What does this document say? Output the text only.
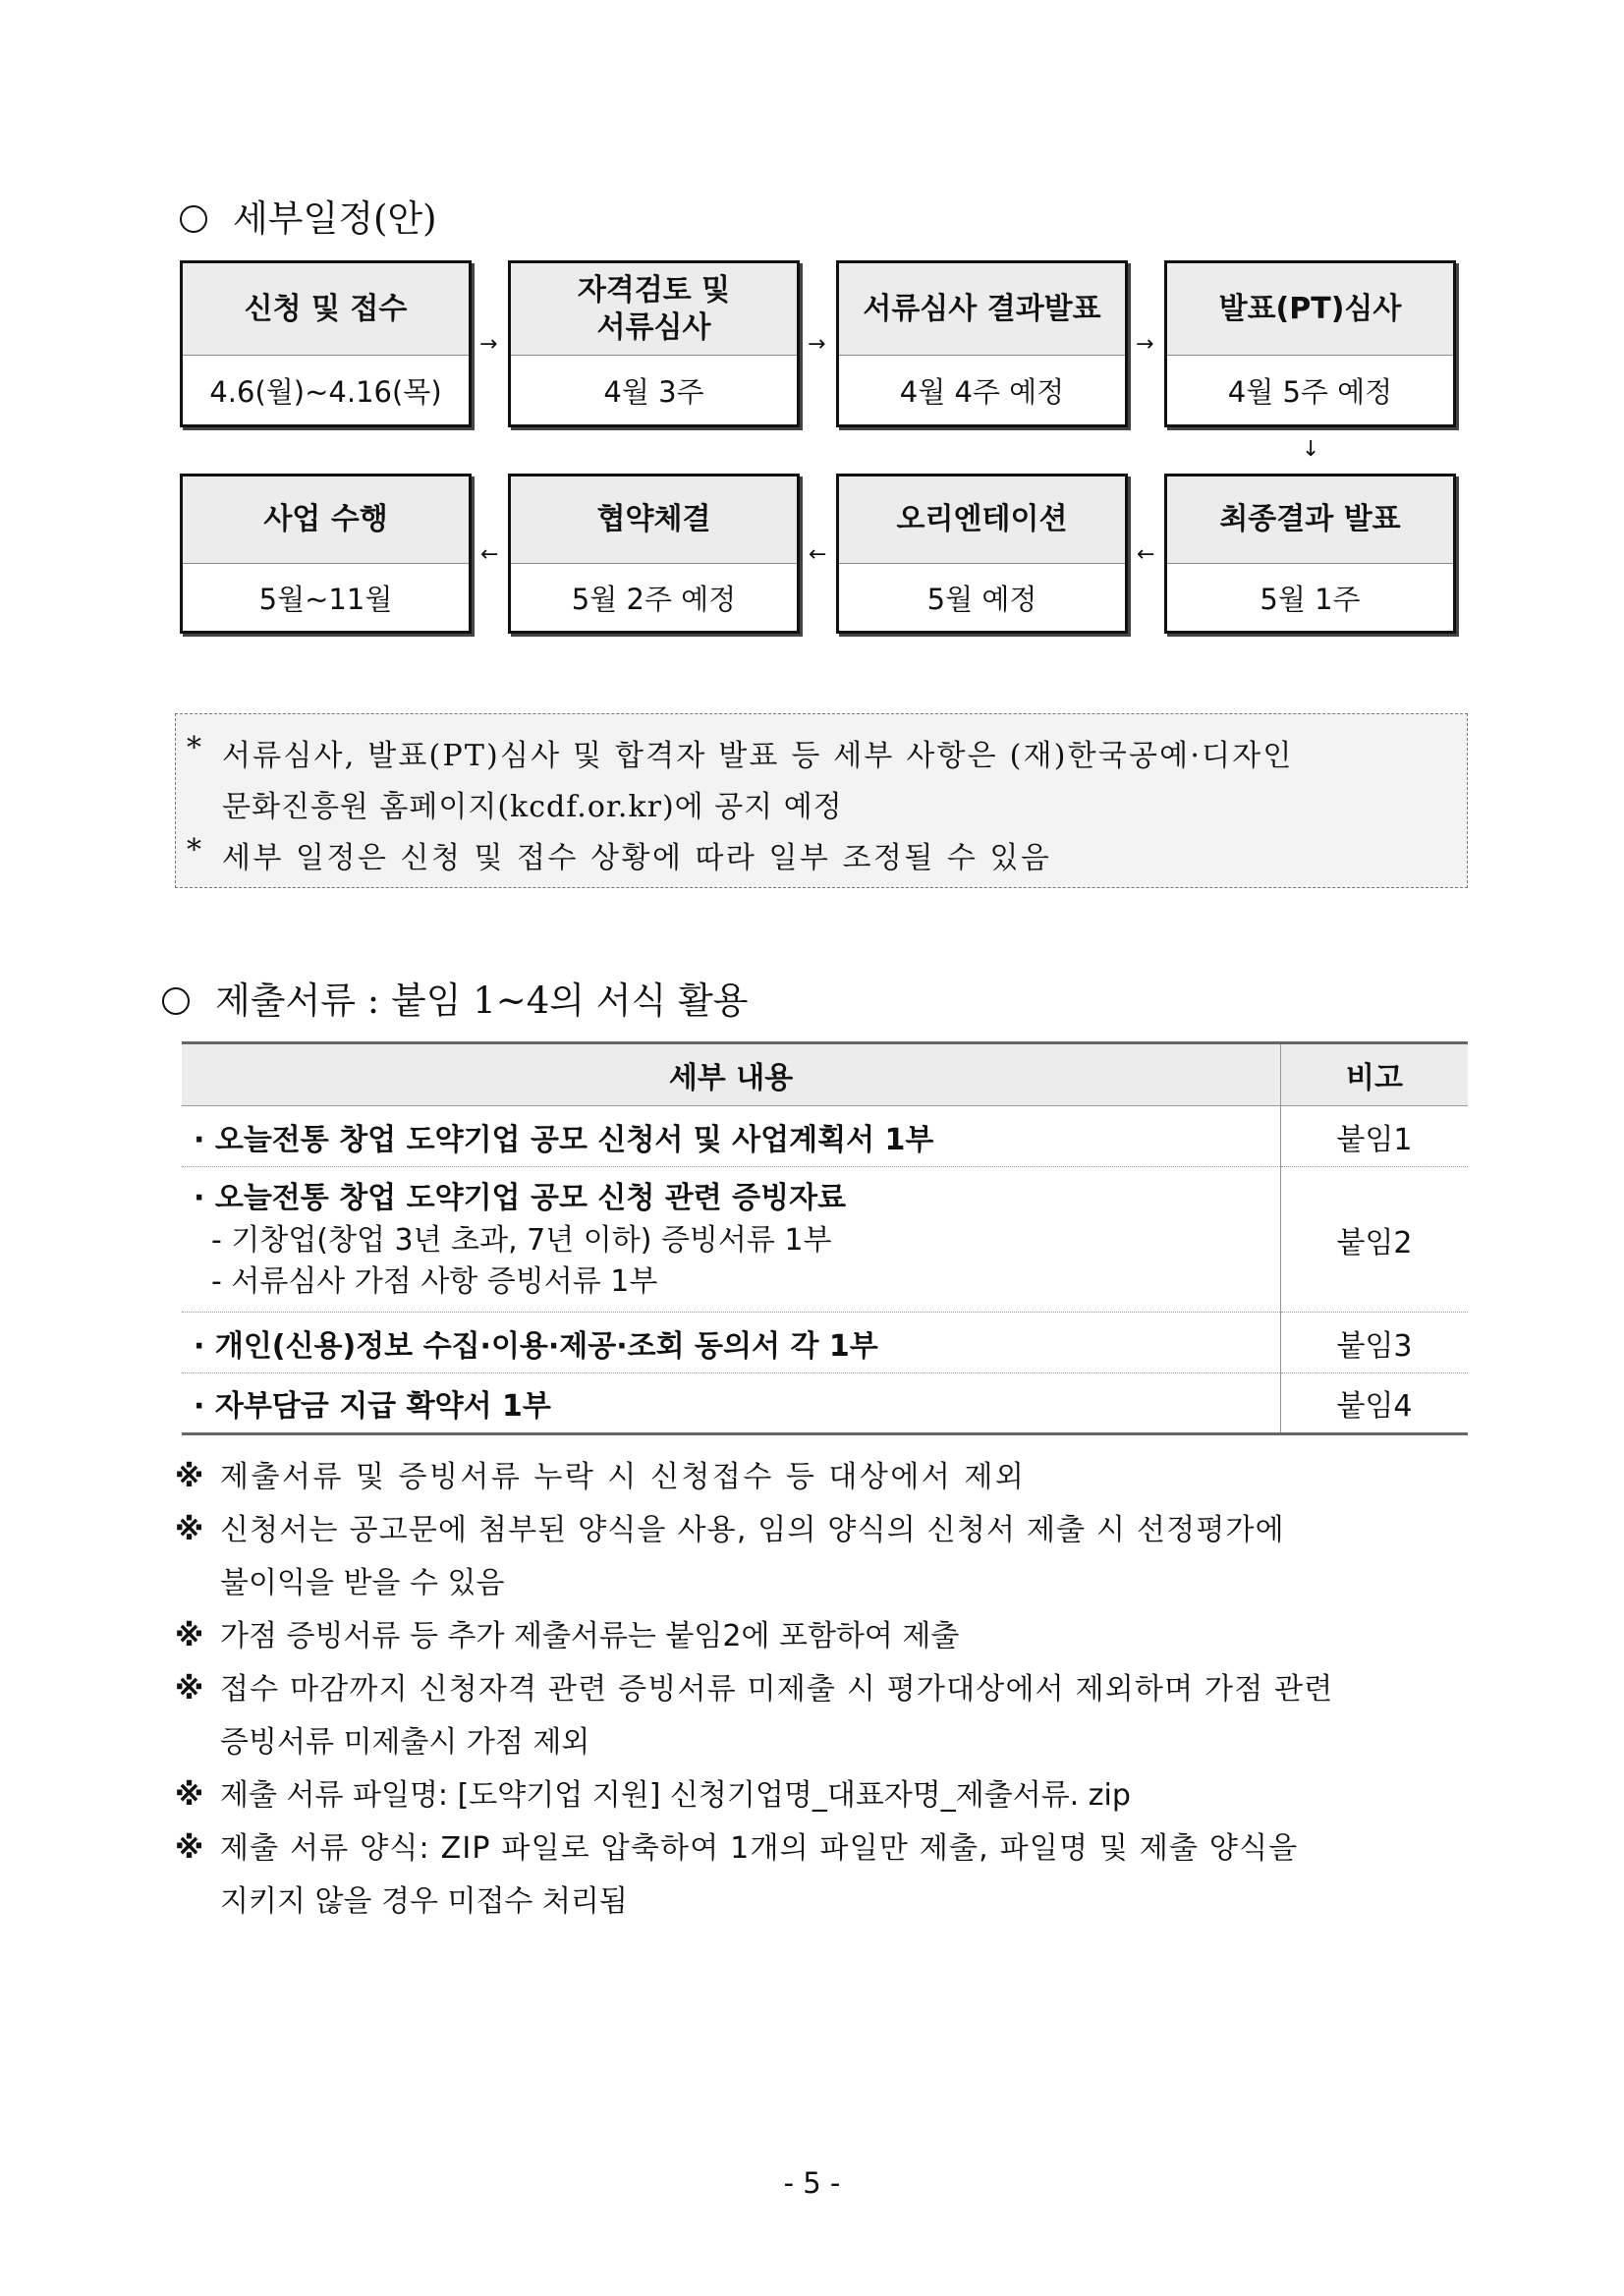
세부일정(안)
신청 및 접수
4.6(월)~4.16(목)
자격검토 및
서류심사
4월 3주
서류심사 결과발표
4월 4주 예정
발표(PT)심사
4월 5주 예정
→	→	→
↓
최종결과 발표
5월 1주
오리엔테이션
5월 예정
협약체결
5월 2주 예정
사업 수행
5월~11월
←
←
←
* 서류심사, 발표(PT)심사 및 합격자 발표 등 세부 사항은 (재)한국공예·디자인
문화진흥원 홈페이지(kcdf.or.kr)에 공지 예정
* 세부 일정은 신청 및 접수 상황에 따라 일부 조정될 수 있음
제출서류 : 붙임 1~4의 서식 활용
세부 내용	비고

· 오늘전통 창업 도약기업 공모 신청서 및 사업계획서 1부	붙임1

· 오늘전통 창업 도약기업 공모 신청 관련 증빙자료
- 기창업(창업 3년 초과, 7년 이하) 증빙서류 1부
- 서류심사 가점 사항 증빙서류 1부	붙임2

· 개인(신용)정보 수집·이용·제공·조회 동의서 각 1부	붙임3

· 자부담금 지급 확약서 1부	붙임4
※ 제출서류 및 증빙서류 누락 시 신청접수 등 대상에서 제외
※ 신청서는 공고문에 첨부된 양식을 사용, 임의 양식의 신청서 제출 시 선정평가에
불이익을 받을 수 있음
※ 가점 증빙서류 등 추가 제출서류는 붙임2에 포함하여 제출
※ 접수 마감까지 신청자격 관련 증빙서류 미제출 시 평가대상에서 제외하며 가점 관련
증빙서류 미제출시 가점 제외
※ 제출 서류 파일명: [도약기업 지원] 신청기업명_대표자명_제출서류. zip
※ 제출 서류 양식: ZIP 파일로 압축하여 1개의 파일만 제출, 파일명 및 제출 양식을
지키지 않을 경우 미접수 처리됨
- 5 -
